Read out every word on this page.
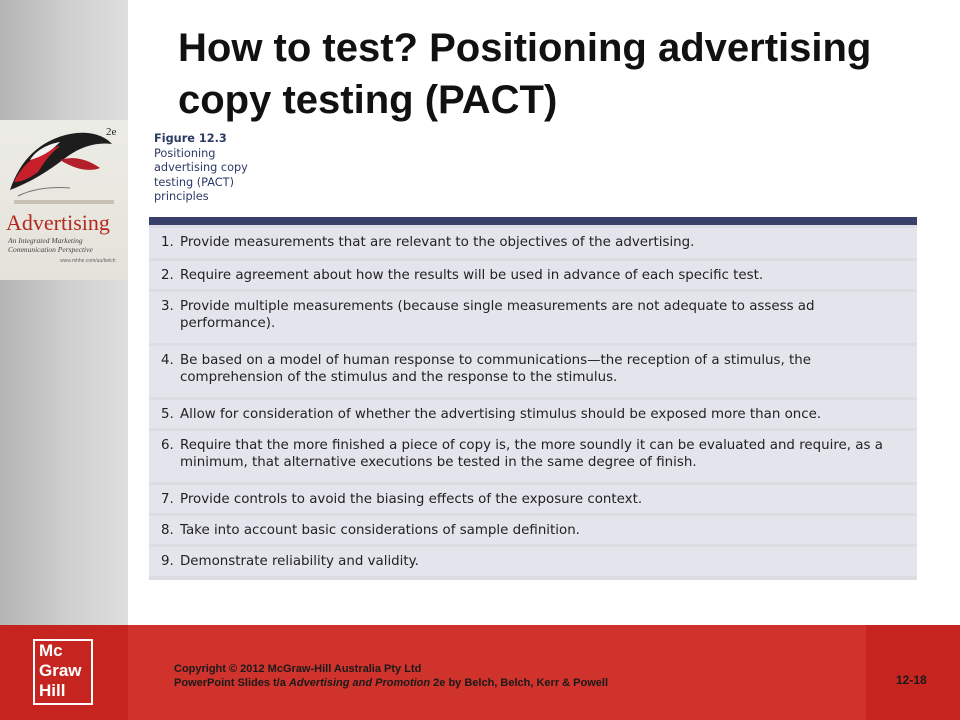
2e
Advertising
An Integrated Marketing Communication Perspective
www.mhhe.com/au/belch
How to test? Positioning advertising copy testing (PACT)
Figure 12.3
Positioning advertising copy testing (PACT) principles
1. Provide measurements that are relevant to the objectives of the advertising.
2. Require agreement about how the results will be used in advance of each specific test.
3. Provide multiple measurements (because single measurements are not adequate to assess ad performance).
4. Be based on a model of human response to communications—the reception of a stimulus, the comprehension of the stimulus and the response to the stimulus.
5. Allow for consideration of whether the advertising stimulus should be exposed more than once.
6. Require that the more finished a piece of copy is, the more soundly it can be evaluated and require, as a minimum, that alternative executions be tested in the same degree of finish.
7. Provide controls to avoid the biasing effects of the exposure context.
8. Take into account basic considerations of sample definition.
9. Demonstrate reliability and validity.
Mc
Graw
Hill
Copyright © 2012 McGraw-Hill Australia Pty Ltd
PowerPoint Slides t/a Advertising and Promotion 2e by Belch, Belch, Kerr & Powell	12-18
